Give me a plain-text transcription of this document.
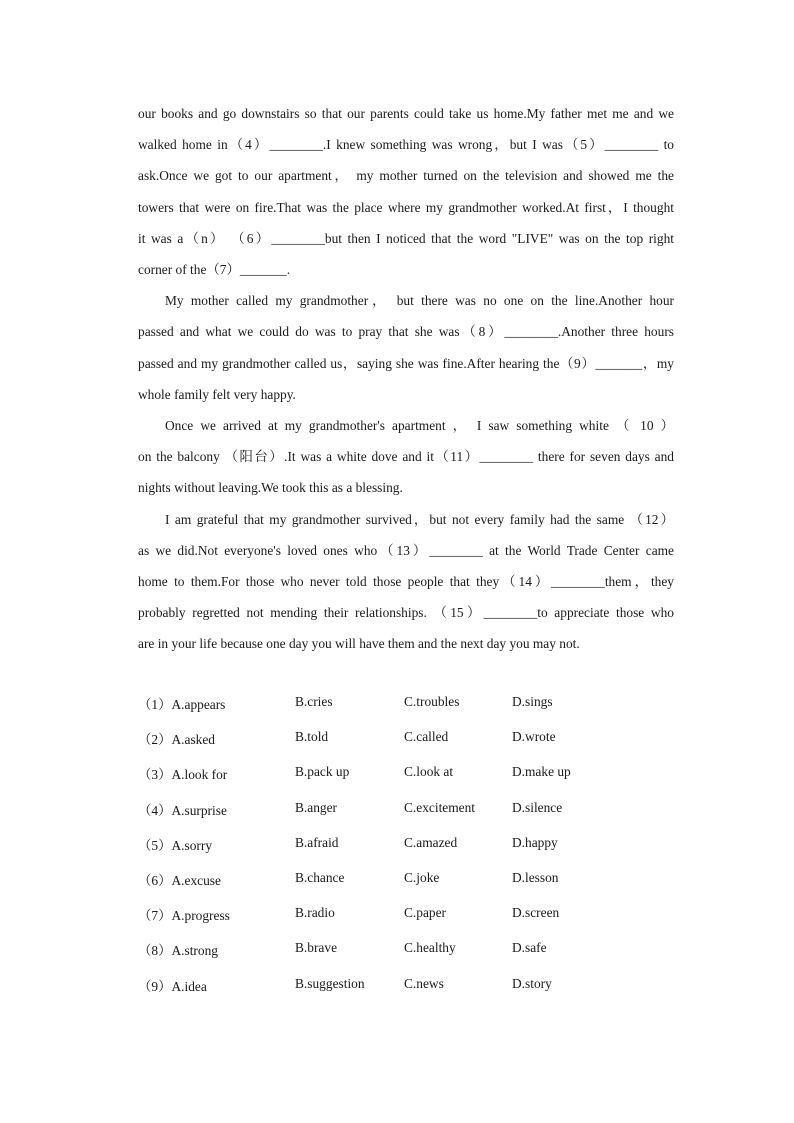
our books and go downstairs so that our parents could take us home.My father met me and we
walked home in（4）________.I knew something was wrong，but I was（5）________ to
ask.Once we got to our apartment， my mother turned on the television and showed me the
towers that were on fire.That was the place where my grandmother worked.At first，I thought
it was a（n） （6）________but then I noticed that the word "LIVE" was on the top right
corner of the（7）_______.

My mother called my grandmother， but there was no one on the line.Another hour
passed and what we could do was to pray that she was（8）________.Another three hours
passed and my grandmother called us，saying she was fine.After hearing the（9）_______，my
whole family felt very happy.

Once we arrived at my grandmother's apartment ， I saw something white （ 10 ）
on the balcony （阳台）.It was a white dove and it（11）________ there for seven days and
nights without leaving.We took this as a blessing.

I am grateful that my grandmother survived，but not every family had the same （12）
as we did.Not everyone's loved ones who（13）________ at the World Trade Center came
home to them.For those who never told those people that they（14）________them，they
probably regretted not mending their relationships. （15）________to appreciate those who
are in your life because one day you will have them and the next day you may not.

（1）A.appears	B.cries	C.troubles	D.sings
（2）A.asked	B.told	C.called	D.wrote
（3）A.look for	B.pack up	C.look at	D.make up
（4）A.surprise	B.anger	C.excitement	D.silence
（5）A.sorry	B.afraid	C.amazed	D.happy
（6）A.excuse	B.chance	C.joke	D.lesson
（7）A.progress	B.radio	C.paper	D.screen
（8）A.strong	B.brave	C.healthy	D.safe
（9）A.idea	B.suggestion	C.news	D.story
